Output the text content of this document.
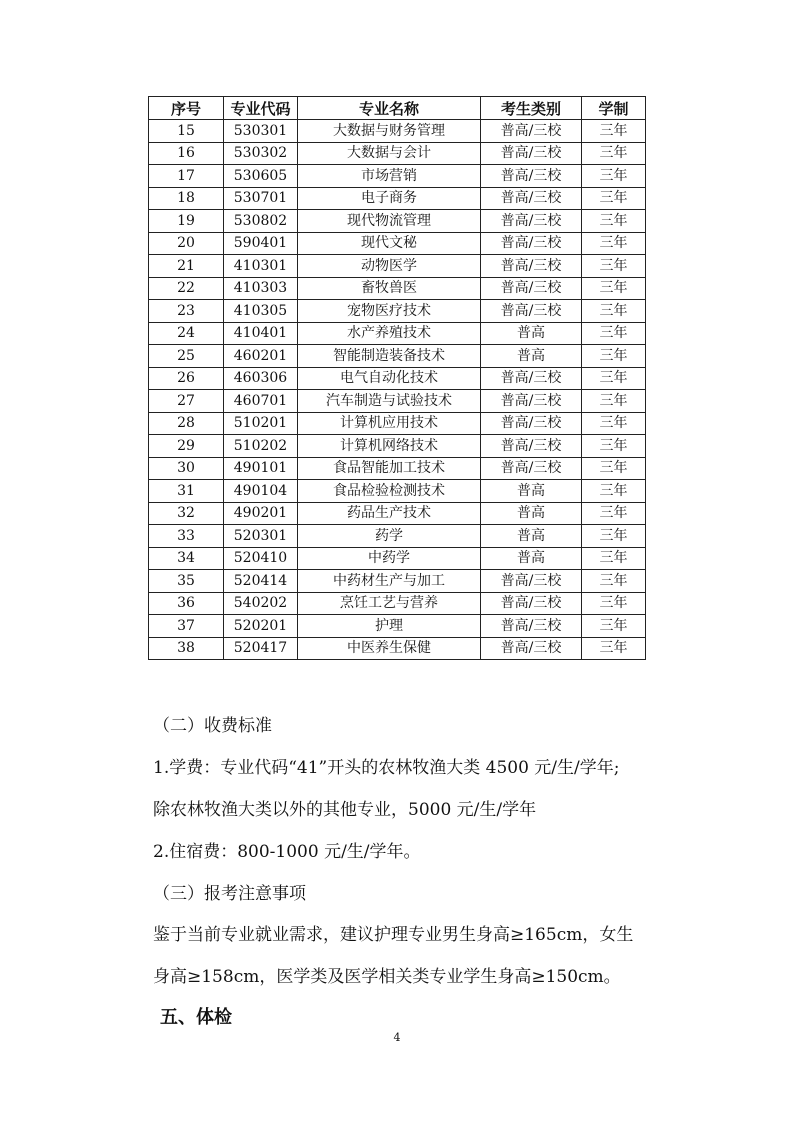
序号	专业代码	专业名称	考生类别	学制
15	530301	大数据与财务管理	普高/三校	三年
16	530302	大数据与会计	普高/三校	三年
17	530605	市场营销	普高/三校	三年
18	530701	电子商务	普高/三校	三年
19	530802	现代物流管理	普高/三校	三年
20	590401	现代文秘	普高/三校	三年
21	410301	动物医学	普高/三校	三年
22	410303	畜牧兽医	普高/三校	三年
23	410305	宠物医疗技术	普高/三校	三年
24	410401	水产养殖技术	普高	三年
25	460201	智能制造装备技术	普高	三年
26	460306	电气自动化技术	普高/三校	三年
27	460701	汽车制造与试验技术	普高/三校	三年
28	510201	计算机应用技术	普高/三校	三年
29	510202	计算机网络技术	普高/三校	三年
30	490101	食品智能加工技术	普高/三校	三年
31	490104	食品检验检测技术	普高	三年
32	490201	药品生产技术	普高	三年
33	520301	药学	普高	三年
34	520410	中药学	普高	三年
35	520414	中药材生产与加工	普高/三校	三年
36	540202	烹饪工艺与营养	普高/三校	三年
37	520201	护理	普高/三校	三年
38	520417	中医养生保健	普高/三校	三年
（二）收费标准
1.学费：专业代码“41”开头的农林牧渔大类 4500 元/生/学年;
除农林牧渔大类以外的其他专业，5000 元/生/学年
2.住宿费：800-1000 元/生/学年。
（三）报考注意事项
鉴于当前专业就业需求，建议护理专业男生身高≥165cm，女生
身高≥158cm，医学类及医学相关类专业学生身高≥150cm。
五、体检
4
